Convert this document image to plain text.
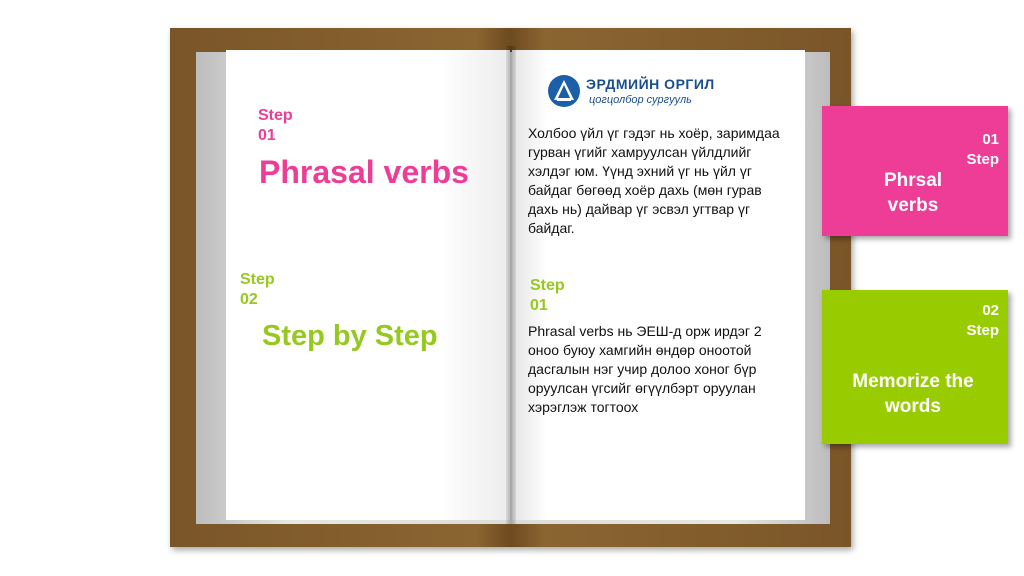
Step
01
Phrasal verbs
Step
02
Step by Step
ЭРДМИЙН ОРГИЛ
цогцолбор сургууль

Холбоо үйл үг гэдэг нь хоёр, заримдаа гурван үгийг хамруулсан үйлдлийг хэлдэг юм. Үүнд эхний үг нь үйл үг байдаг бөгөөд хоёр дахь (мөн гурав дахь нь) дайвар үг эсвэл угтвар үг байдаг.

Step
01

Phrasal verbs нь ЭЕШ-д орж ирдэг 2 оноо буюу хамгийн өндөр оноотой дасгалын нэг учир долоо хоног бүр оруулсан үгсийг өгүүлбэрт оруулан хэрэглэж тогтоох

01
Step
Phrsal
verbs
02
Step
Memorize the
words
